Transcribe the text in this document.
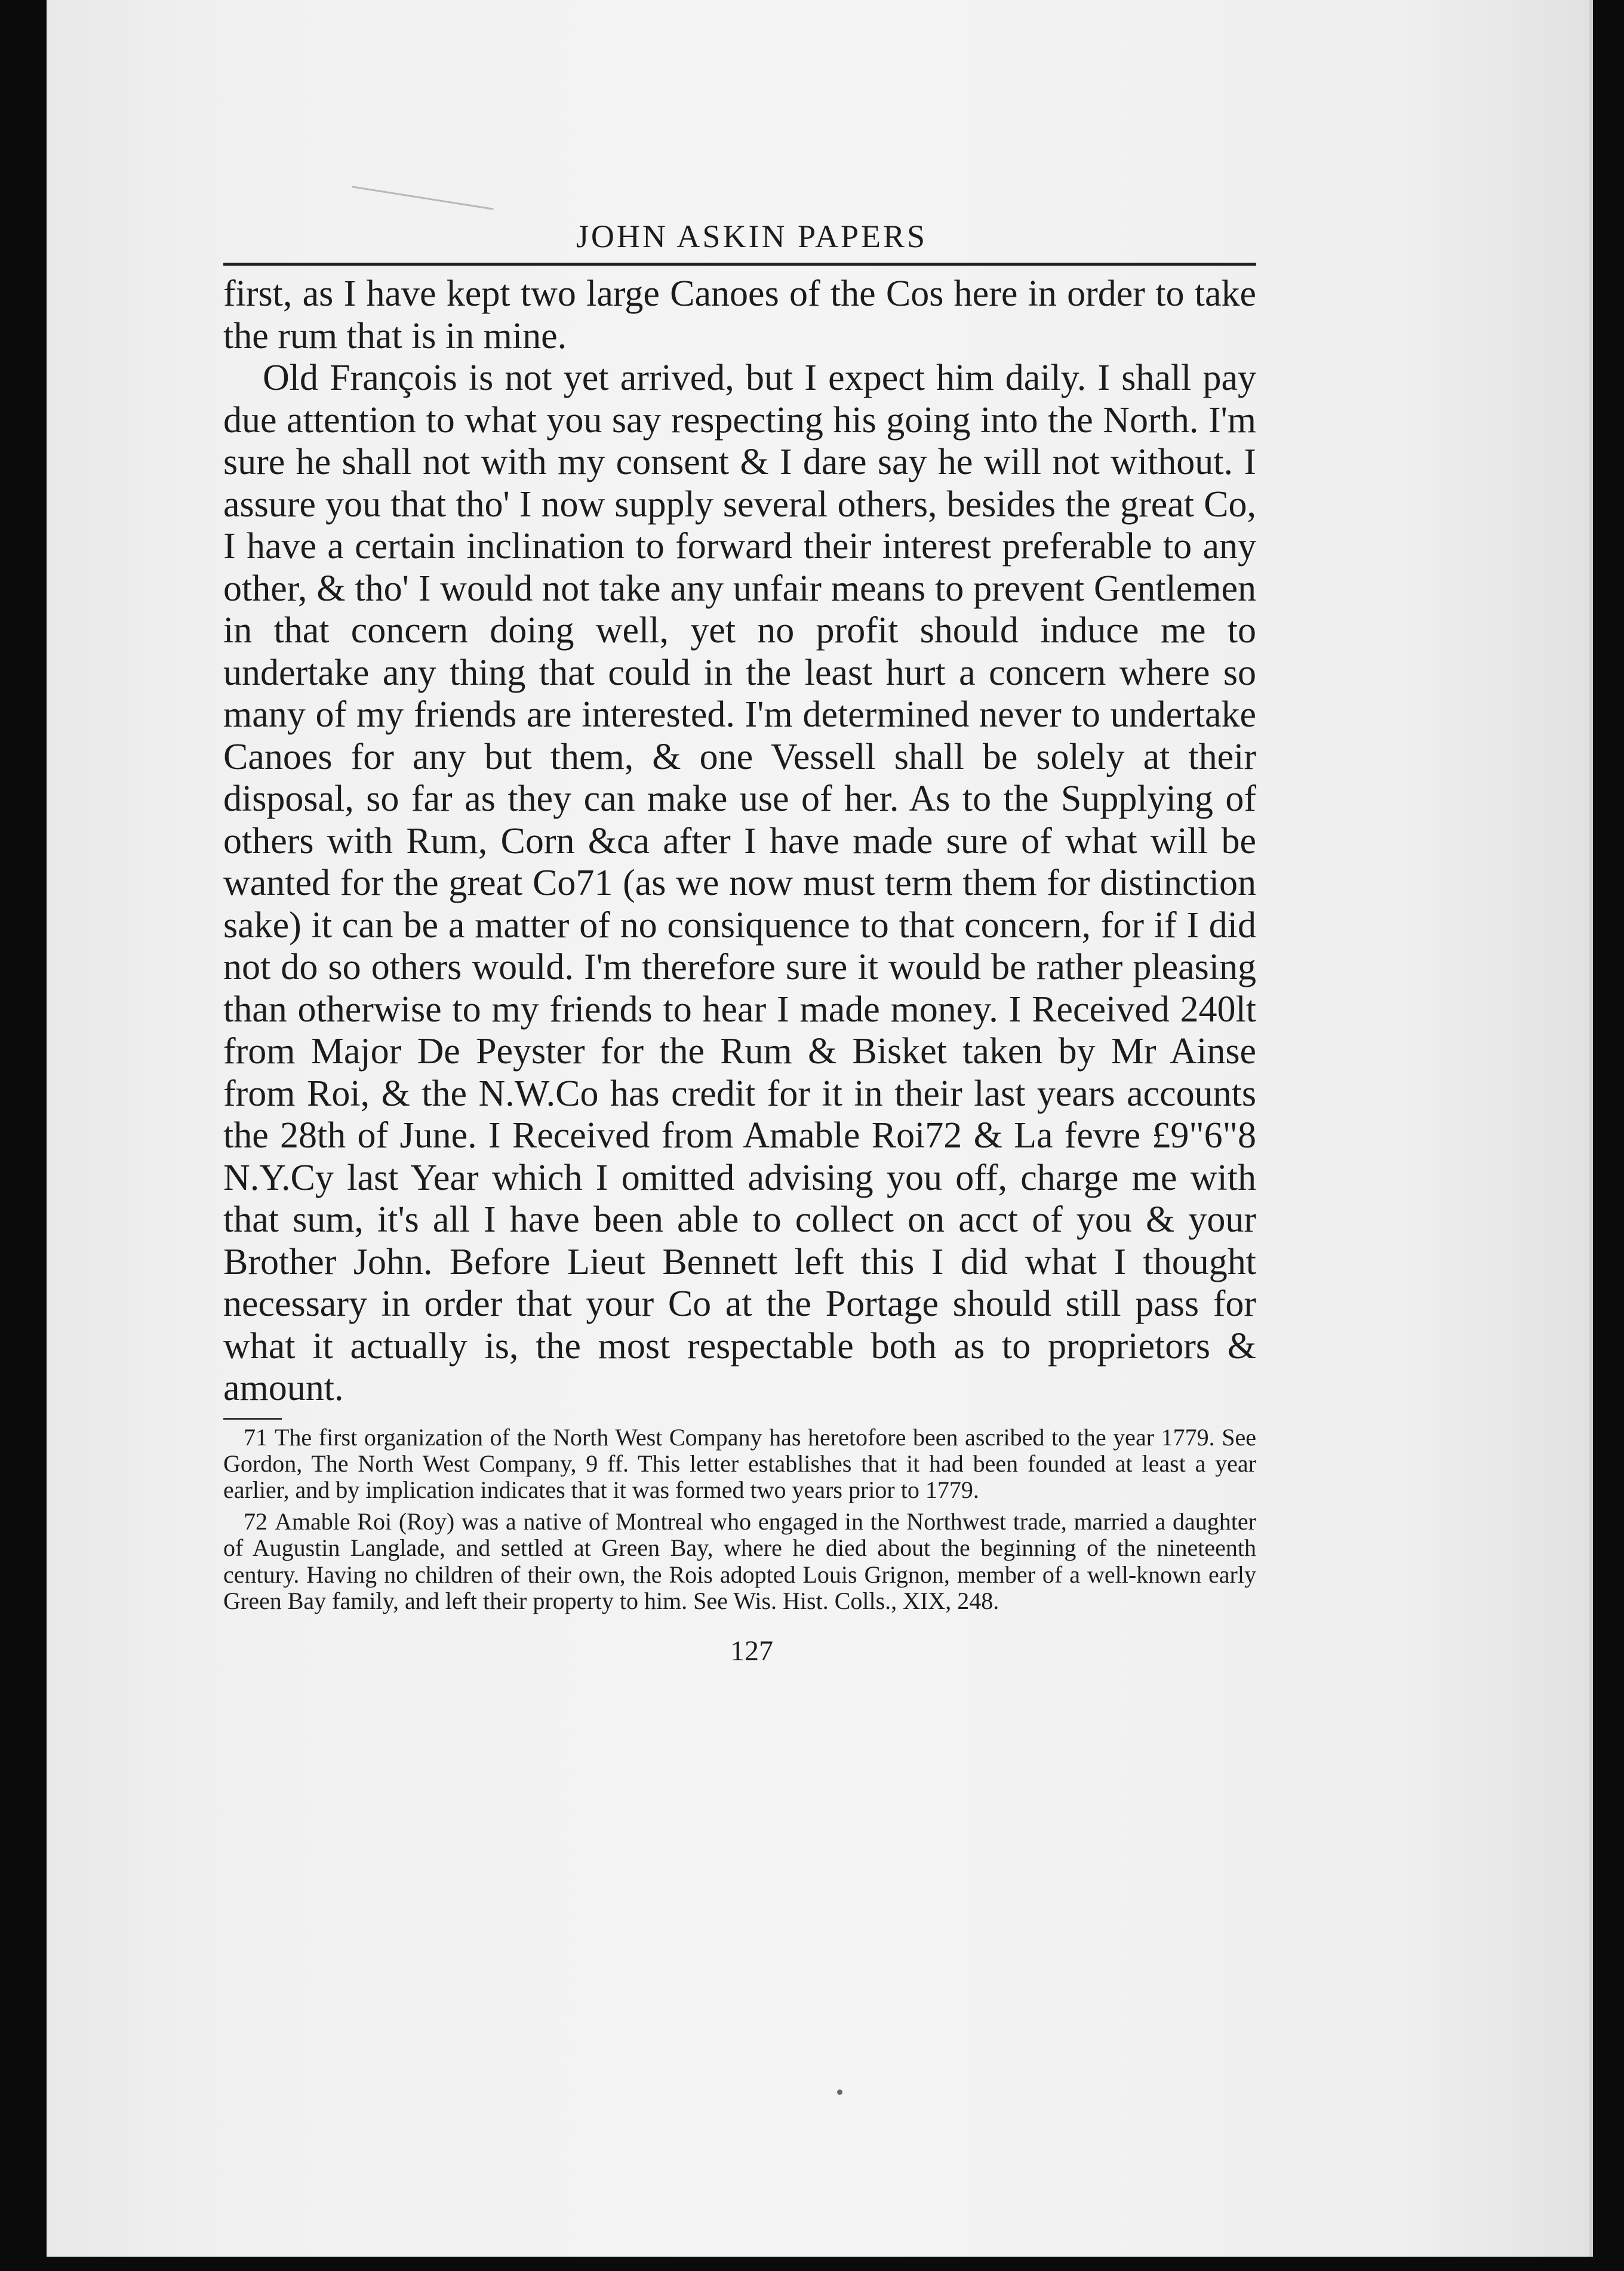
JOHN ASKIN PAPERS

first, as I have kept two large Canoes of the Cos here in order to take the rum that is in mine.

Old François is not yet arrived, but I expect him daily. I shall pay due attention to what you say respecting his going into the North. I'm sure he shall not with my consent & I dare say he will not without. I assure you that tho' I now supply several others, besides the great Co, I have a certain inclination to forward their interest preferable to any other, & tho' I would not take any unfair means to prevent Gentlemen in that concern doing well, yet no profit should induce me to undertake any thing that could in the least hurt a concern where so many of my friends are interested. I'm determined never to undertake Canoes for any but them, & one Vessell shall be solely at their disposal, so far as they can make use of her. As to the Supplying of others with Rum, Corn &ca after I have made sure of what will be wanted for the great Co71 (as we now must term them for distinction sake) it can be a matter of no consiquence to that concern, for if I did not do so others would. I'm therefore sure it would be rather pleasing than otherwise to my friends to hear I made money. I Received 240lt from Major De Peyster for the Rum & Bisket taken by Mr Ainse from Roi, & the N.W.Co has credit for it in their last years accounts the 28th of June. I Received from Amable Roi72 & La fevre £9"6"8 N.Y.Cy last Year which I omitted advising you off, charge me with that sum, it's all I have been able to collect on acct of you & your Brother John. Before Lieut Bennett left this I did what I thought necessary in order that your Co at the Portage should still pass for what it actually is, the most respectable both as to proprietors & amount.

71 The first organization of the North West Company has heretofore been ascribed to the year 1779. See Gordon, The North West Company, 9 ff. This letter establishes that it had been founded at least a year earlier, and by implication indicates that it was formed two years prior to 1779.

72 Amable Roi (Roy) was a native of Montreal who engaged in the Northwest trade, married a daughter of Augustin Langlade, and settled at Green Bay, where he died about the beginning of the nineteenth century. Having no children of their own, the Rois adopted Louis Grignon, member of a well-known early Green Bay family, and left their property to him. See Wis. Hist. Colls., XIX, 248.

127
